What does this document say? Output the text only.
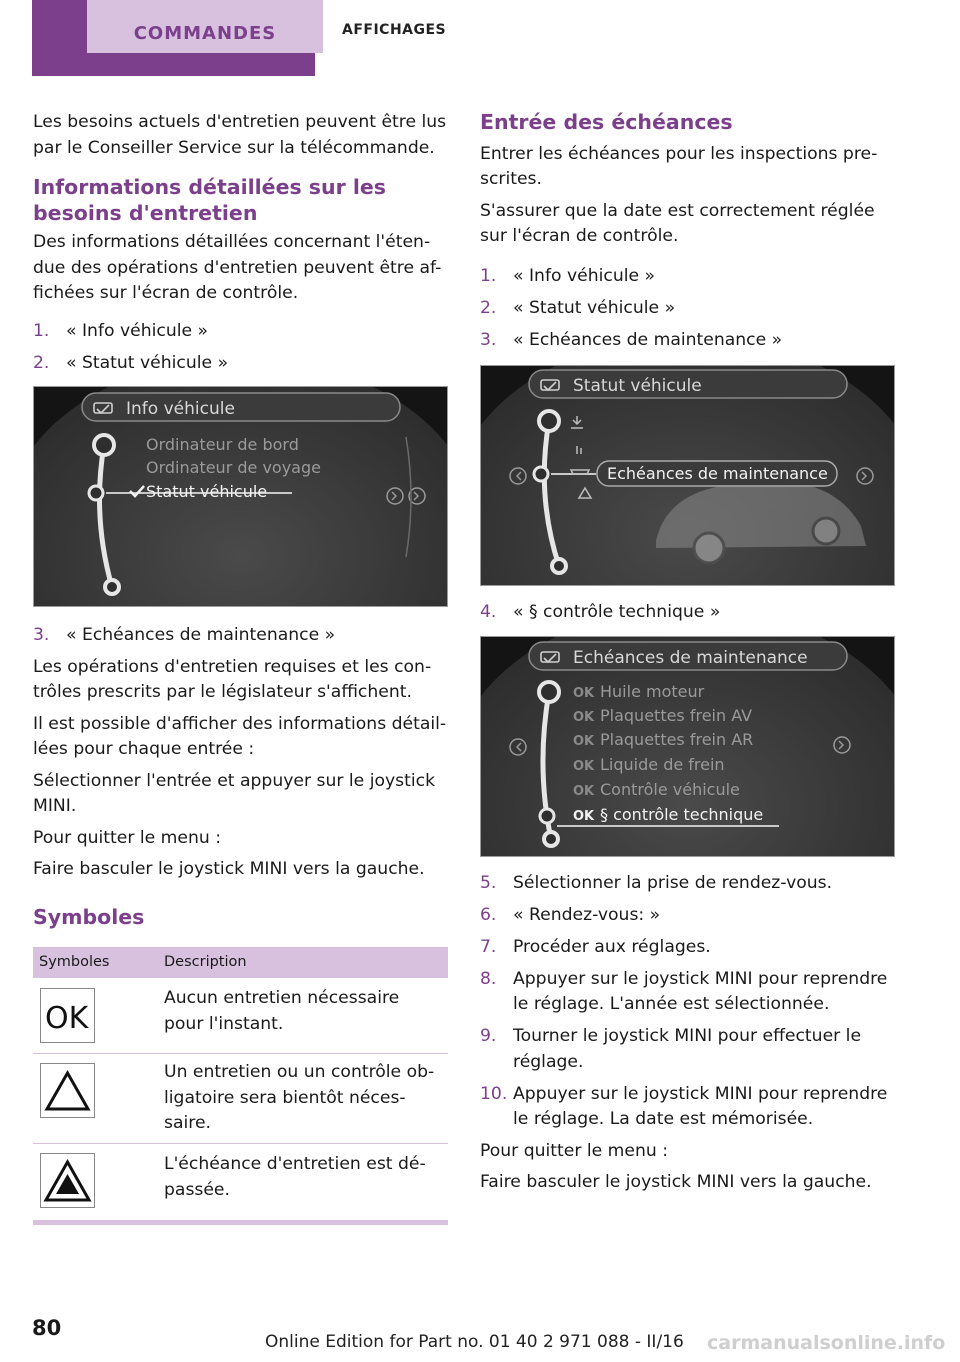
COMMANDES	AFFICHAGES

Les besoins actuels d'entretien peuvent être lus par le Conseiller Service sur la télécommande.

Informations détaillées sur les besoins d'entretien

Des informations détaillées concernant l'éten-due des opérations d'entretien peuvent être af-fichées sur l'écran de contrôle.

1. « Info véhicule »
2. « Statut véhicule »
Info véhicule
Ordinateur de bord
Ordinateur de voyage
Statut véhicule
3. « Echéances de maintenance »

Les opérations d'entretien requises et les con-trôles prescrits par le législateur s'affichent.

Il est possible d'afficher des informations détail-lées pour chaque entrée :

Sélectionner l'entrée et appuyer sur le joystick MINI.

Pour quitter le menu :

Faire basculer le joystick MINI vers la gauche.

Symboles
Symboles	Description
OK
Aucun entretien nécessaire pour l'instant.
Un entretien ou un contrôle ob-ligatoire sera bientôt néces-saire.
L'échéance d'entretien est dé-passée.
Entrée des échéances

Entrer les échéances pour les inspections pre-scrites.

S'assurer que la date est correctement réglée sur l'écran de contrôle.

1. « Info véhicule »
2. « Statut véhicule »
3. « Echéances de maintenance »
Statut véhicule
Echéances de maintenance
4. « § contrôle technique »
Echéances de maintenance
OK Huile moteur
OK Plaquettes frein AV
OK Plaquettes frein AR
OK Liquide de frein
OK Contrôle véhicule
OK § contrôle technique
5. Sélectionner la prise de rendez-vous.
6. « Rendez-vous: »
7. Procéder aux réglages.
8. Appuyer sur le joystick MINI pour reprendre le réglage. L'année est sélectionnée.
9. Tourner le joystick MINI pour effectuer le réglage.
10. Appuyer sur le joystick MINI pour reprendre le réglage. La date est mémorisée.

Pour quitter le menu :

Faire basculer le joystick MINI vers la gauche.

80
Online Edition for Part no. 01 40 2 971 088 - II/16 carmanualsonline.info
